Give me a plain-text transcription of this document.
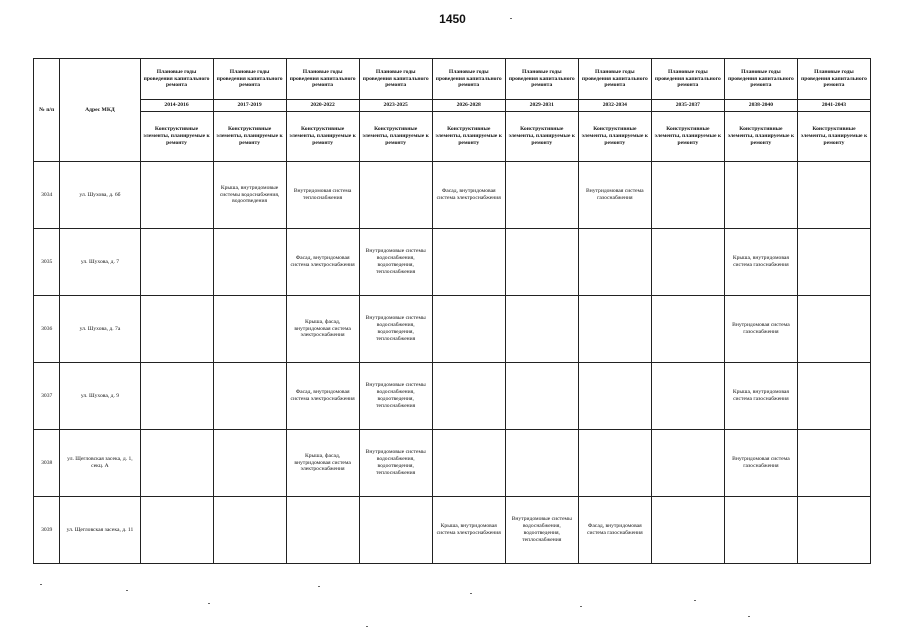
1450
№ п/п	Адрес МКД	Плановые годы проведения капитального ремонта	Плановые годы проведения капитального ремонта	Плановые годы проведения капитального ремонта	Плановые годы проведения капитального ремонта	Плановые годы проведения капитального ремонта	Плановые годы проведения капитального ремонта	Плановые годы проведения капитального ремонта	Плановые годы проведения капитального ремонта	Плановые годы проведения капитального ремонта	Плановые годы проведения капитального ремонта
		2014-2016	2017-2019	2020-2022	2023-2025	2026-2028	2029-2031	2032-2034	2035-2037	2038-2040	2041-2043
		Конструктивные элементы, планируемые к ремонту	Конструктивные элементы, планируемые к ремонту	Конструктивные элементы, планируемые к ремонту	Конструктивные элементы, планируемые к ремонту	Конструктивные элементы, планируемые к ремонту	Конструктивные элементы, планируемые к ремонту	Конструктивные элементы, планируемые к ремонту	Конструктивные элементы, планируемые к ремонту	Конструктивные элементы, планируемые к ремонту	Конструктивные элементы, планируемые к ремонту
3034	ул. Шухова, д. 6б		Крыша, внутридомовые системы водоснабжения, водоотведения	Внутридомовая система теплоснабжения		Фасад, внутридомовая система электроснабжения		Внутридомовая система газоснабжения			
3035	ул. Шухова, д. 7			Фасад, внутридомовая система электроснабжения	Внутридомовые системы водоснабжения, водоотведения, теплоснабжения					Крыша, внутридомовая система газоснабжения	
3036	ул. Шухова, д. 7а			Крыша, фасад, внутридомовая система электроснабжения	Внутридомовые системы водоснабжения, водоотведения, теплоснабжения					Внутридомовая система газоснабжения	
3037	ул. Шухова, д. 9			Фасад, внутридомовая система электроснабжения	Внутридомовые системы водоснабжения, водоотведения, теплоснабжения					Крыша, внутридомовая система газоснабжения	
3038	ул. Щегловская засека, д. 1, секц. А			Крыша, фасад, внутридомовая система электроснабжения	Внутридомовые системы водоснабжения, водоотведения, теплоснабжения					Внутридомовая система газоснабжения	
3039	ул. Щегловская засека, д. 11					Крыша, внутридомовая система электроснабжения	Внутридомовые системы водоснабжения, водоотведения, теплоснабжения	Фасад, внутридомовая система газоснабжения			
